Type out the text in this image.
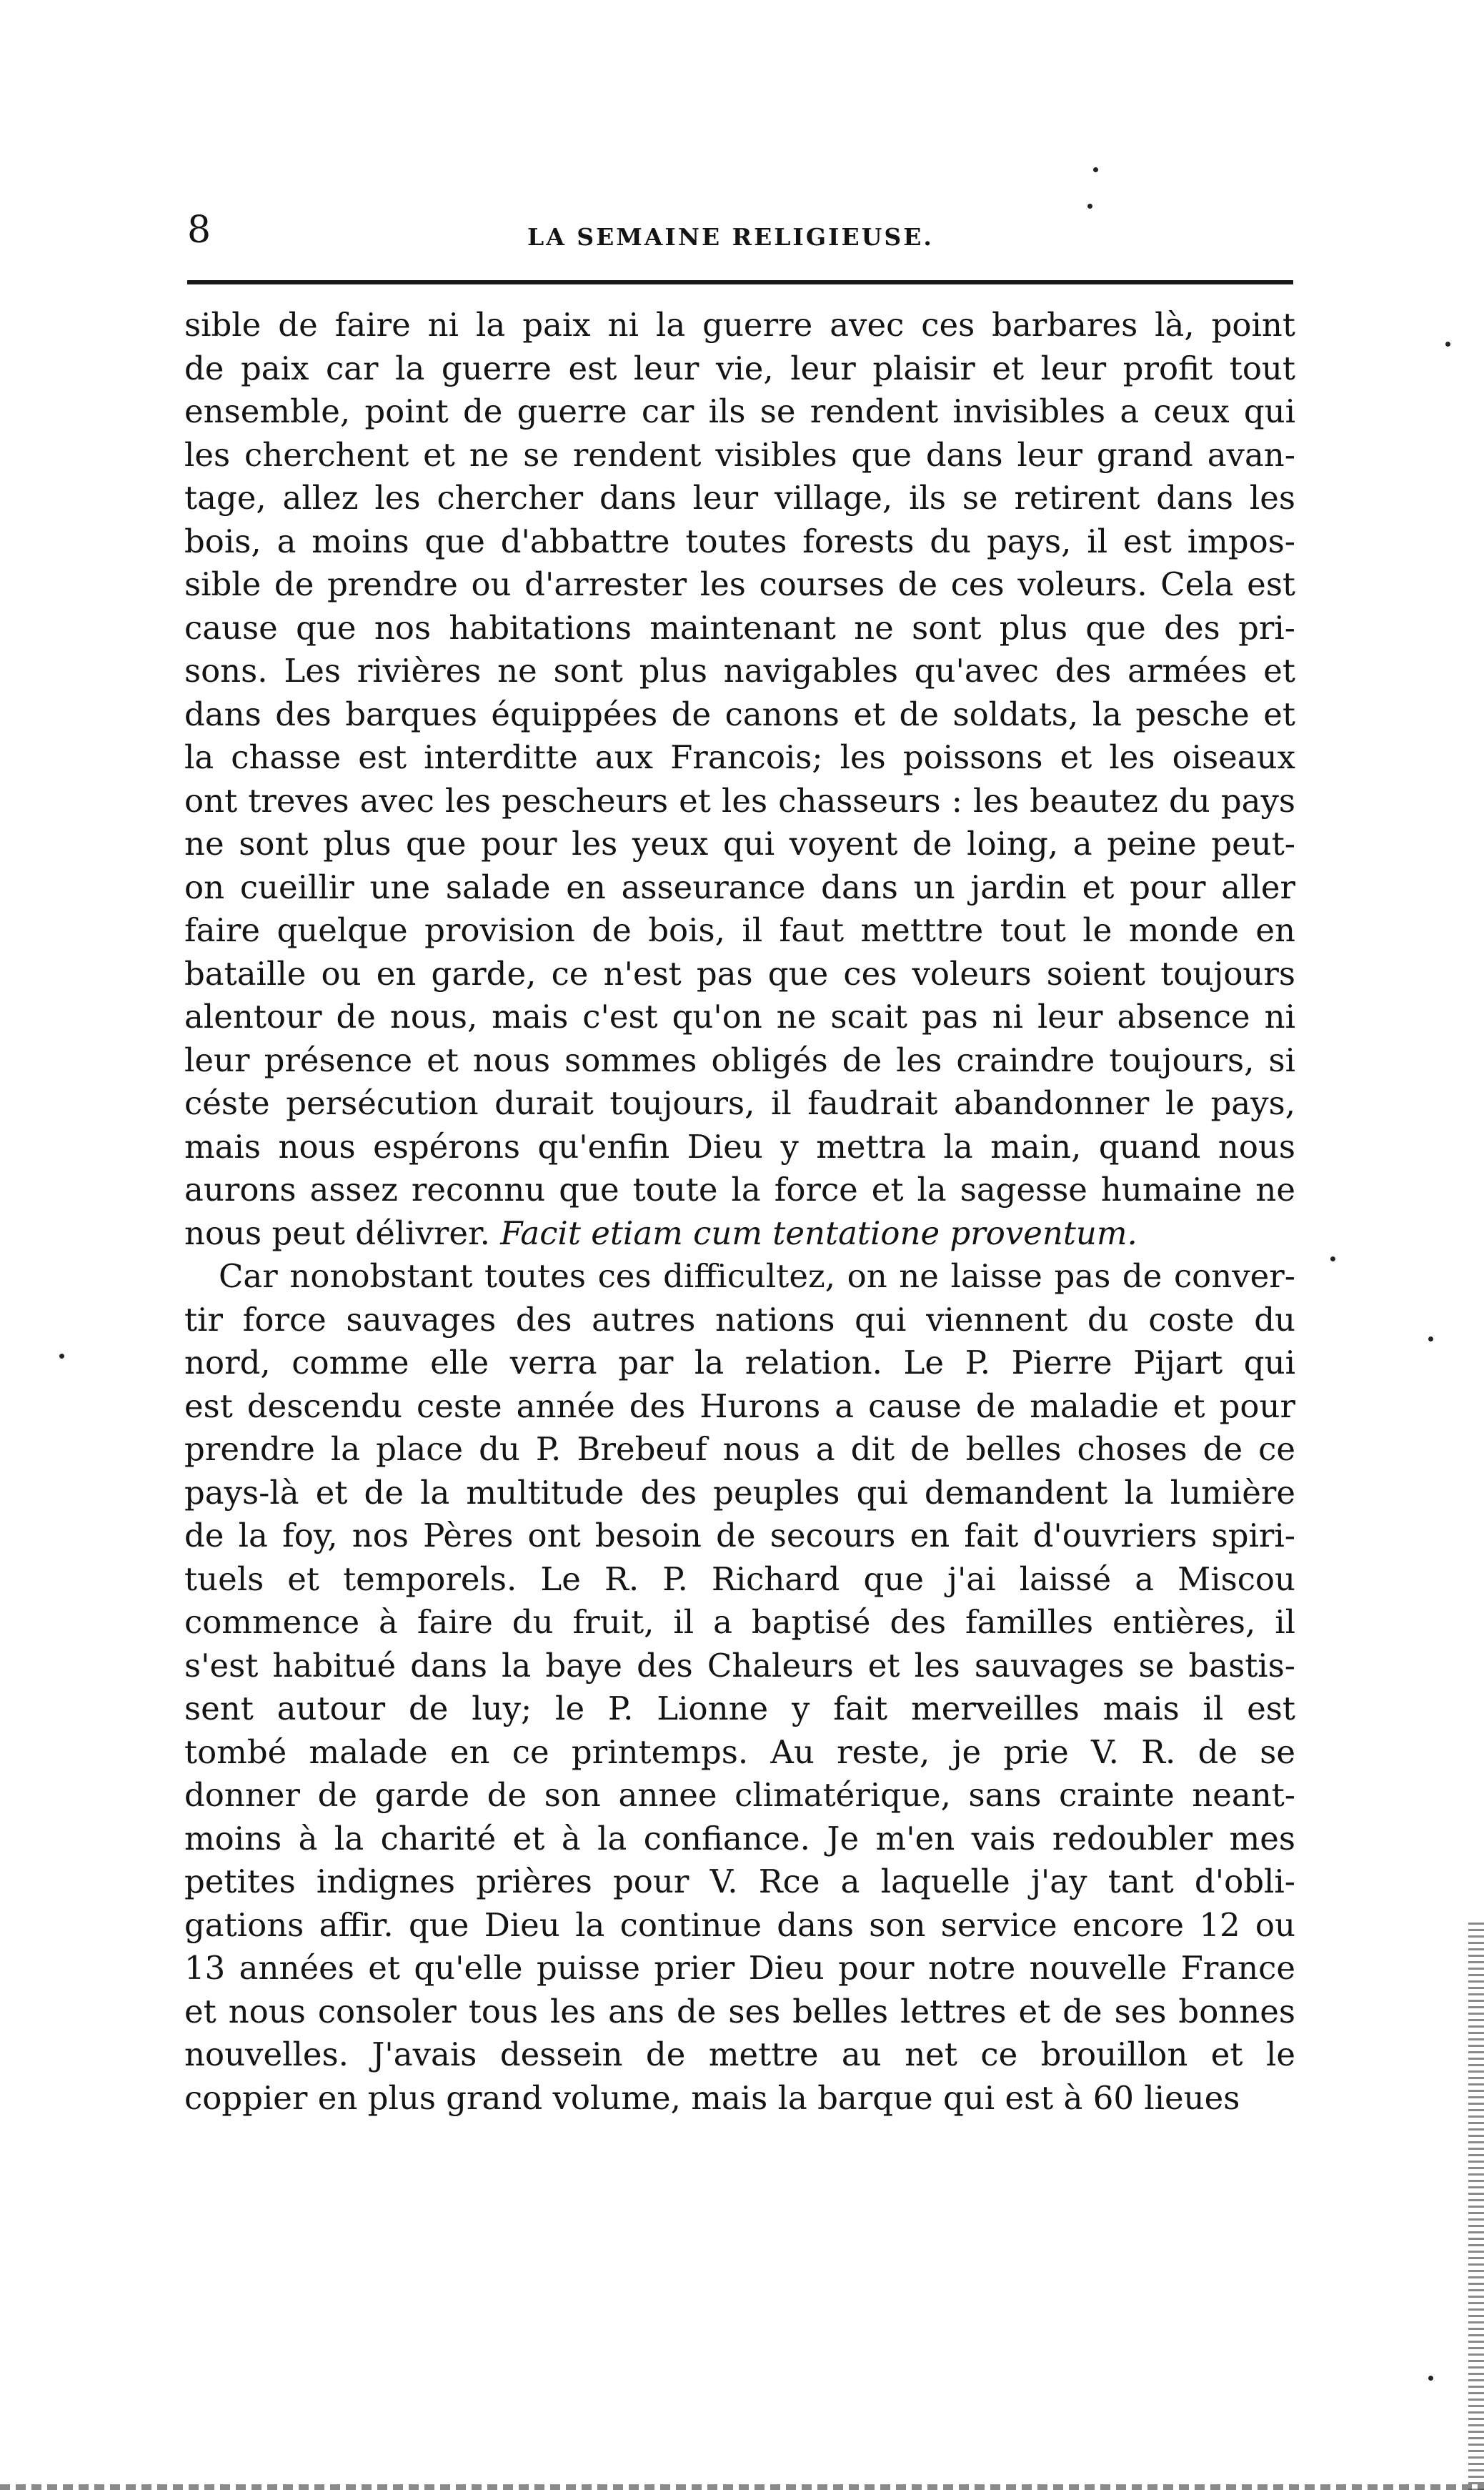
8	LA SEMAINE RELIGIEUSE.
sible de faire ni la paix ni la guerre avec ces barbares là, point
de paix car la guerre est leur vie, leur plaisir et leur profit tout
ensemble, point de guerre car ils se rendent invisibles a ceux qui
les cherchent et ne se rendent visibles que dans leur grand avan-
tage, allez les chercher dans leur village, ils se retirent dans les
bois, a moins que d'abbattre toutes forests du pays, il est impos-
sible de prendre ou d'arrester les courses de ces voleurs. Cela est
cause que nos habitations maintenant ne sont plus que des pri-
sons. Les rivières ne sont plus navigables qu'avec des armées et
dans des barques équippées de canons et de soldats, la pesche et
la chasse est interditte aux Francois; les poissons et les oiseaux
ont treves avec les pescheurs et les chasseurs : les beautez du pays
ne sont plus que pour les yeux qui voyent de loing, a peine peut-
on cueillir une salade en asseurance dans un jardin et pour aller
faire quelque provision de bois, il faut metttre tout le monde en
bataille ou en garde, ce n'est pas que ces voleurs soient toujours
alentour de nous, mais c'est qu'on ne scait pas ni leur absence ni
leur présence et nous sommes obligés de les craindre toujours, si
céste persécution durait toujours, il faudrait abandonner le pays,
mais nous espérons qu'enfin Dieu y mettra la main, quand nous
aurons assez reconnu que toute la force et la sagesse humaine ne
nous peut délivrer. Facit etiam cum tentatione proventum.
Car nonobstant toutes ces difficultez, on ne laisse pas de conver-
tir force sauvages des autres nations qui viennent du coste du
nord, comme elle verra par la relation. Le P. Pierre Pijart qui
est descendu ceste année des Hurons a cause de maladie et pour
prendre la place du P. Brebeuf nous a dit de belles choses de ce
pays-là et de la multitude des peuples qui demandent la lumière
de la foy, nos Pères ont besoin de secours en fait d'ouvriers spiri-
tuels et temporels. Le R. P. Richard que j'ai laissé a Miscou
commence à faire du fruit, il a baptisé des familles entières, il
s'est habitué dans la baye des Chaleurs et les sauvages se bastis-
sent autour de luy; le P. Lionne y fait merveilles mais il est
tombé malade en ce printemps. Au reste, je prie V. R. de se
donner de garde de son annee climatérique, sans crainte neant-
moins à la charité et à la confiance. Je m'en vais redoubler mes
petites indignes prières pour V. Rce a laquelle j'ay tant d'obli-
gations affir. que Dieu la continue dans son service encore 12 ou
13 années et qu'elle puisse prier Dieu pour notre nouvelle France
et nous consoler tous les ans de ses belles lettres et de ses bonnes
nouvelles. J'avais dessein de mettre au net ce brouillon et le
coppier en plus grand volume, mais la barque qui est à 60 lieues
